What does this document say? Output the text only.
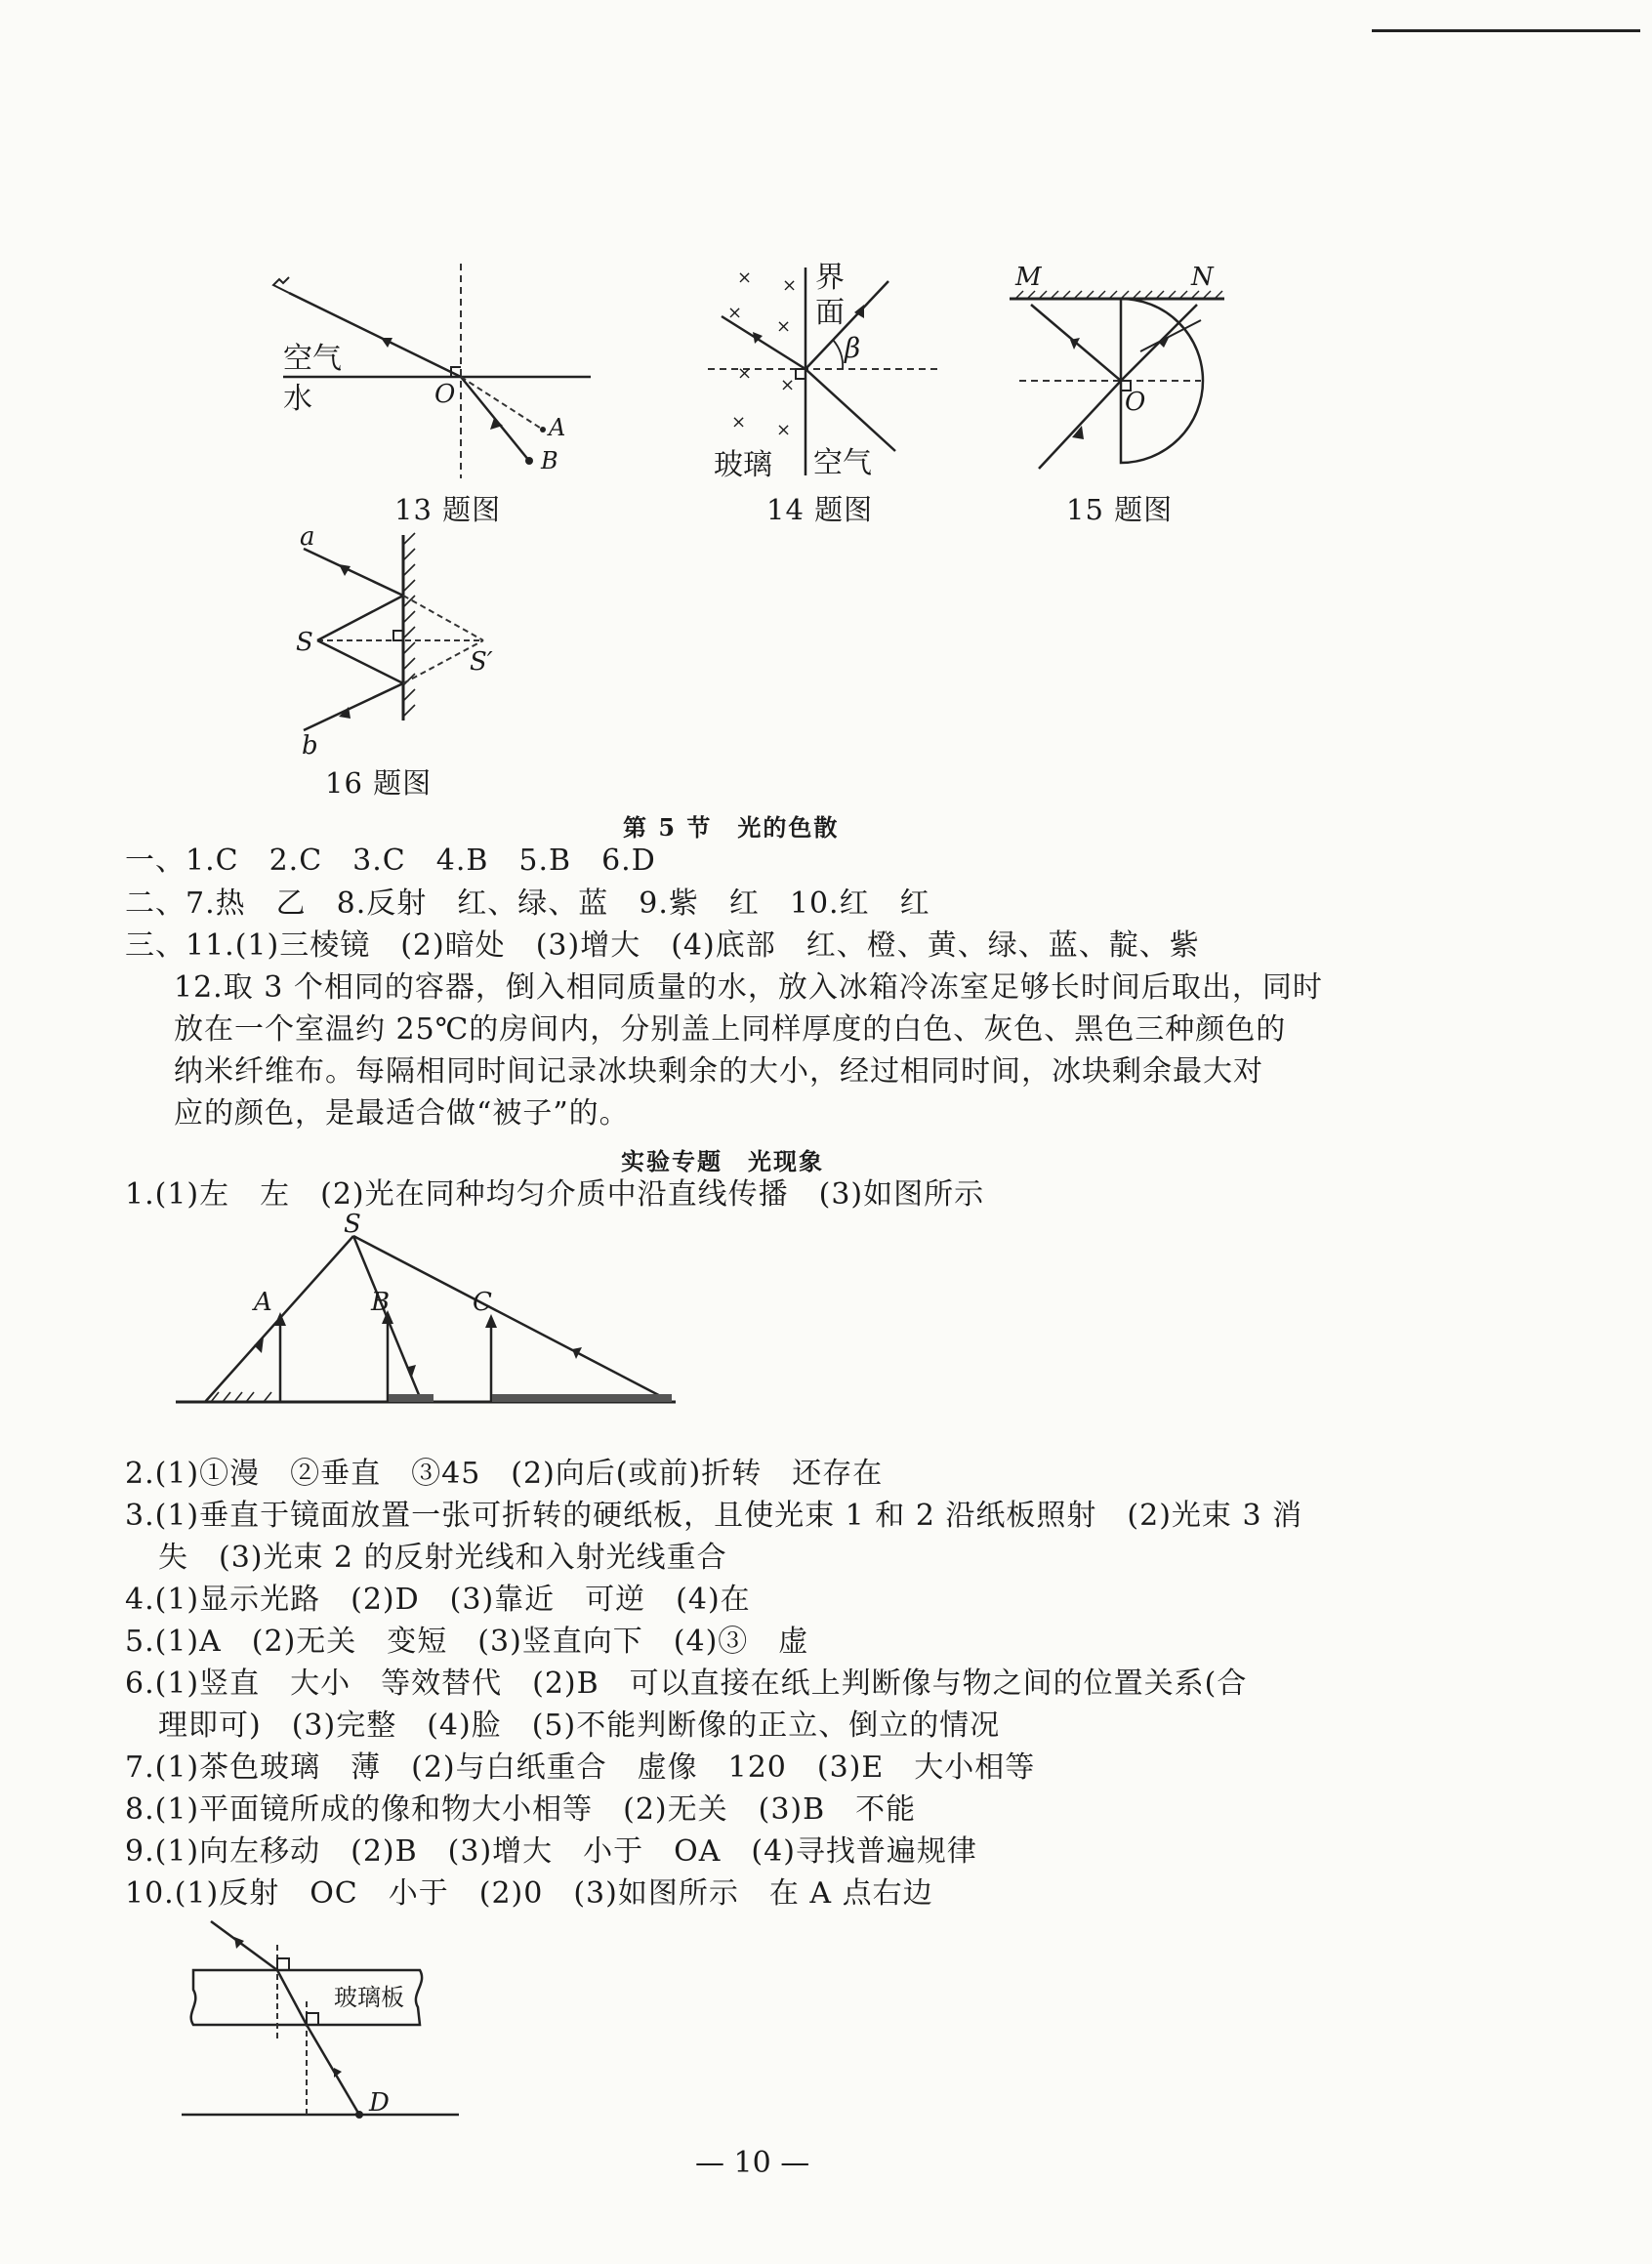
空气
水	O
A
B
13 题图
× ×
×
×
×
×
× ×
界
面
β
玻璃 空气
14 题图
M	N
O
15 题图
a
b
S
S′
16 题图
第 5 节　光的色散
一、1.C　2.C　3.C　4.B　5.B　6.D
二、7.热　乙　8.反射　红、绿、蓝　9.紫　红　10.红　红
三、11.(1)三棱镜　(2)暗处　(3)增大　(4)底部　红、橙、黄、绿、蓝、靛、紫
12.取 3 个相同的容器，倒入相同质量的水，放入冰箱冷冻室足够长时间后取出，同时
放在一个室温约 25℃的房间内，分别盖上同样厚度的白色、灰色、黑色三种颜色的
纳米纤维布。每隔相同时间记录冰块剩余的大小，经过相同时间，冰块剩余最大对
应的颜色，是最适合做“被子”的。
实验专题　光现象
1.(1)左　左　(2)光在同种均匀介质中沿直线传播　(3)如图所示
S
A	B	C
2.(1)①漫　②垂直　③45　(2)向后(或前)折转　还存在
3.(1)垂直于镜面放置一张可折转的硬纸板，且使光束 1 和 2 沿纸板照射　(2)光束 3 消
失　(3)光束 2 的反射光线和入射光线重合
4.(1)显示光路　(2)D　(3)靠近　可逆　(4)在
5.(1)A　(2)无关　变短　(3)竖直向下　(4)③　虚
6.(1)竖直　大小　等效替代　(2)B　可以直接在纸上判断像与物之间的位置关系(合
理即可)　(3)完整　(4)脸　(5)不能判断像的正立、倒立的情况
7.(1)茶色玻璃　薄　(2)与白纸重合　虚像　120　(3)E　大小相等
8.(1)平面镜所成的像和物大小相等　(2)无关　(3)B　不能
9.(1)向左移动　(2)B　(3)增大　小于　OA　(4)寻找普遍规律
10.(1)反射　OC　小于　(2)0　(3)如图所示　在 A 点右边
玻璃板
D
— 10 —
